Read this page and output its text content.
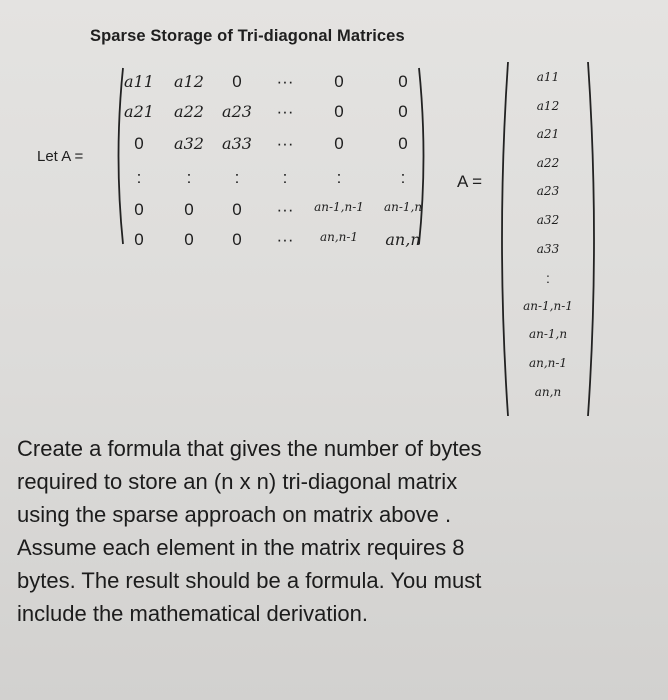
Sparse Storage of Tri-diagonal Matrices
Let A =
a11 a12 0 ··· 0	0
a21 a22 a23 ··· 0	0
0 a32 a33 ··· 0	0
:	:	:	:	:	:
0 0 0 ··· an-1,n-1 an-1,n
0 0 0 ··· an,n-1 an,n
A =
a11
a12
a21
a22
a23
a32
a33
:
an-1,n-1
an-1,n
an,n-1
an,n
Create a formula that gives the number of bytes
required to store an (n x n) tri-diagonal matrix
using the sparse approach on matrix above .
Assume each element in the matrix requires 8
bytes. The result should be a formula. You must
include the mathematical derivation.
